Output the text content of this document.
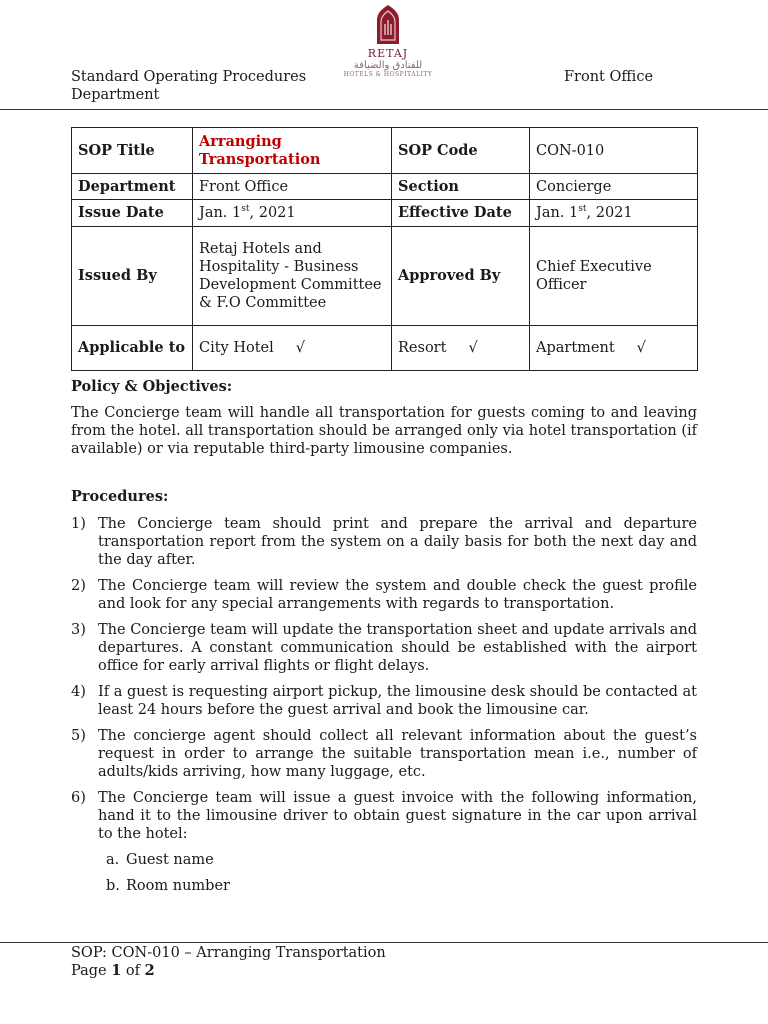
Standard Operating Procedures
Department
RETAJ
للفنادق والضيافة
HOTELS & HOSPITALITY	Front Office
SOP Title	Arranging Transportation	SOP Code	CON-010
Department	Front Office	Section	Concierge
Issue Date	Jan. 1st, 2021	Effective Date	Jan. 1st, 2021
Issued By	Retaj Hotels and Hospitality - Business Development Committee & F.O Committee	Approved By	Chief Executive Officer
Applicable to	City Hotel √	Resort √	Apartment √
Policy & Objectives:
The Concierge team will handle all transportation for guests coming to and leaving from the hotel. all transportation should be arranged only via hotel transportation (if available) or via reputable third-party limousine companies.
Procedures:
1) The Concierge team should print and prepare the arrival and departure transportation report from the system on a daily basis for both the next day and the day after.
2) The Concierge team will review the system and double check the guest profile and look for any special arrangements with regards to transportation.
3) The Concierge team will update the transportation sheet and update arrivals and departures. A constant communication should be established with the airport office for early arrival flights or flight delays.
4) If a guest is requesting airport pickup, the limousine desk should be contacted at least 24 hours before the guest arrival and book the limousine car.
5) The concierge agent should collect all relevant information about the guest’s request in order to arrange the suitable transportation mean i.e., number of adults/kids arriving, how many luggage, etc.
6) The Concierge team will issue a guest invoice with the following information, hand it to the limousine driver to obtain guest signature in the car upon arrival to the hotel:
a. Guest name
b. Room number
SOP: CON-010 – Arranging Transportation
Page 1 of 2
